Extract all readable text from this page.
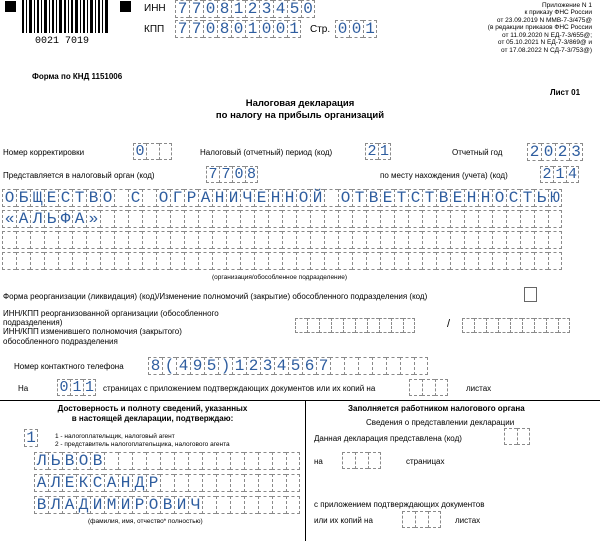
0021 7019
ИНН 7 7 0 8 1 2 3 4 5 0
КПП 7 7 0 8 0 1 0 0 1 Стр. 0 0 1
Приложение N 1
к приказу ФНС России
от 23.09.2019 N ММВ-7-3/475@
(в редакции приказов ФНС России
от 11.09.2020 N ЕД-7-3/655@;
от 05.10.2021 N ЕД-7-3/869@ и
от 17.08.2022 N СД-7-3/753@)
Форма по КНД 1151006
Лист 01
Налоговая декларация
по налогу на прибыль организаций
Номер корректировки	0	Налоговый (отчетный) период (код) 2 1	Отчетный год 2 0 2 3
Представляется в налоговый орган (код)	7 7 0 8	по месту нахождения (учета) (код) 2 1 4
О Б Щ Е С Т В О С О Г Р А Н И Ч Е Н Н О Й О Т В Е Т С Т В Е Н Н О С Т Ь Ю
« А Л Ь Ф А »
(организация/обособленное подразделение)
Форма реорганизации (ликвидация) (код)/Изменение полномочий (закрытие) обособленного подразделения (код)
ИНН/КПП реорганизованной организации (обособленного подразделения)
ИНН/КПП изменившего полномочия (закрытого) обособленного подразделения
/
Номер контактного телефона 8 ( 4 9 5 ) 1 2 3 4 5 6 7
На 0 1 1 страницах с приложением подтверждающих документов или их копий на	листах
Достоверность и полноту сведений, указанных
в настоящей декларации, подтверждаю:
1	1 - налогоплательщик, налоговый агент
2 - представитель налогоплательщика, налогового агента
Л Ь В О В
А Л Е К С А Н Д Р
В Л А Д И М И Р О В И Ч
(фамилия, имя, отчество* полностью)
Заполняется работником налогового органа
Сведения о представлении декларации
Данная декларация представлена (код)
на	страницах
с приложением подтверждающих документов
или их копий на	листах
